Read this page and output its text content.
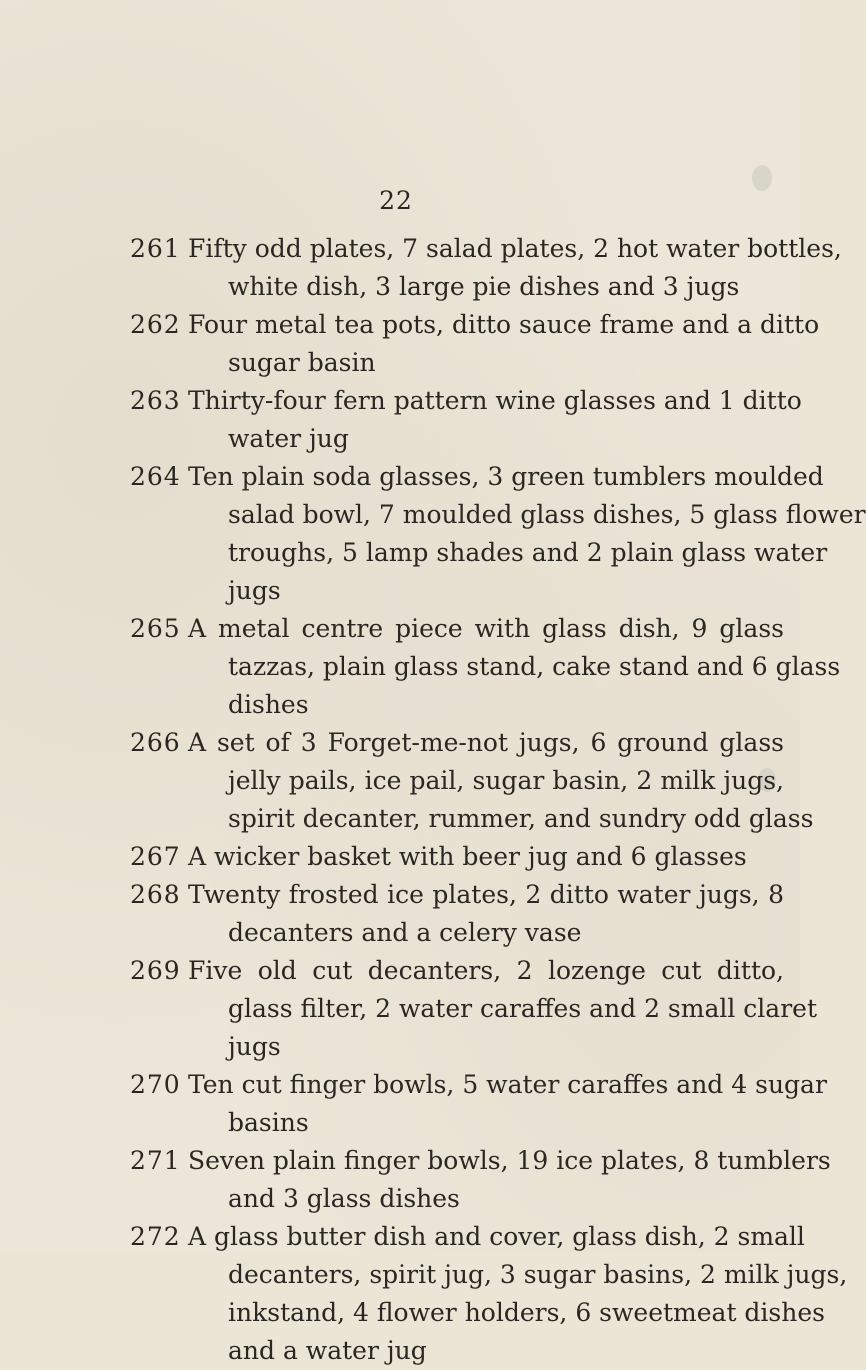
22
261 Fifty odd plates, 7 salad plates, 2 hot water bottles,
white dish, 3 large pie dishes and 3 jugs
262 Four metal tea pots, ditto sauce frame and a ditto
sugar basin
263 Thirty-four fern pattern wine glasses and 1 ditto
water jug
264 Ten plain soda glasses, 3 green tumblers moulded
salad bowl, 7 moulded glass dishes, 5 glass flower
troughs, 5 lamp shades and 2 plain glass water
jugs
265 A metal centre piece with glass dish, 9 glass
tazzas, plain glass stand, cake stand and 6 glass
dishes
266 A set of 3 Forget-me-not jugs, 6 ground glass
jelly pails, ice pail, sugar basin, 2 milk jugs,
spirit decanter, rummer, and sundry odd glass
267 A wicker basket with beer jug and 6 glasses
268 Twenty frosted ice plates, 2 ditto water jugs, 8
decanters and a celery vase
269 Five old cut decanters, 2 lozenge cut ditto,
glass filter, 2 water caraffes and 2 small claret
jugs
270 Ten cut finger bowls, 5 water caraffes and 4 sugar
basins
271 Seven plain finger bowls, 19 ice plates, 8 tumblers
and 3 glass dishes
272 A glass butter dish and cover, glass dish, 2 small
decanters, spirit jug, 3 sugar basins, 2 milk jugs,
inkstand, 4 flower holders, 6 sweetmeat dishes
and a water jug
